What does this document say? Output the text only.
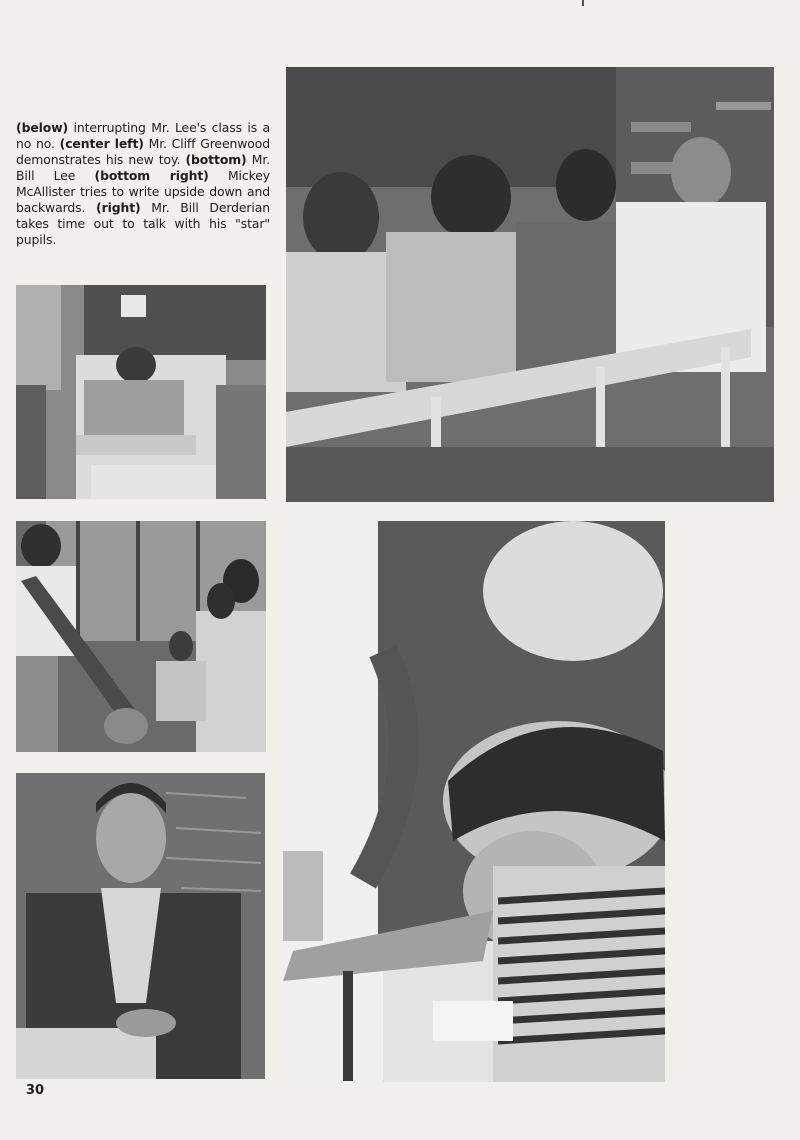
(below) interrupting Mr. Lee's class is a no no. (center left) Mr. Cliff Greenwood demonstrates his new toy. (bottom) Mr. Bill Lee (bottom right) Mickey McAllister tries to write upside down and backwards. (right) Mr. Bill Derderian takes time out to talk with his "star" pupils.

30
